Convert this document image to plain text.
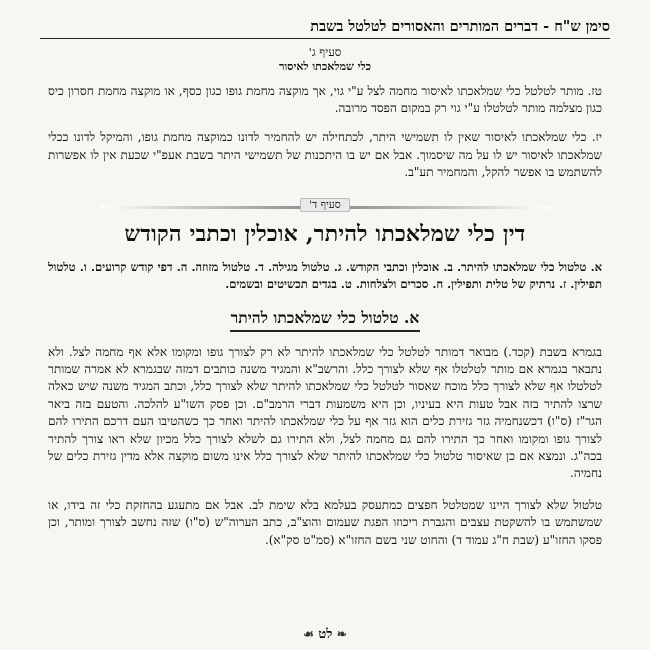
סימן ש"ח - דברים המותרים והאסורים לטלטל בשבת
סעיף ג'
כלי שמלאכתו לאיסור
טז. מותר לטלטל כלי שמלאכתו לאיסור מחמה לצל ע"י גוי, אך מוקצה מחמת גופו כגון כסף, או מוקצה מחמת חסרון כיס כגון מצלמה מותר לטלטלו ע"י גוי רק במקום הפסד מרובה.
יז. כלי שמלאכתו לאיסור שאין לו תשמישי היתר, לכתחילה יש להחמיר לדונו כמוקצה מחמת גופו, והמיקל לדונו ככלי שמלאכתו לאיסור יש לו על מה שיסמוך. אבל אם יש בו היתכנות של תשמישי היתר בשבת אעפ"י שכעת אין לו אפשרות להשתמש בו אפשר להקל, והמחמיר תע"ב.
סעיף ד'
דין כלי שמלאכתו להיתר, אוכלין וכתבי הקודש
א. טלטול כלי שמלאכתו להיתר. ב. אוכלין וכתבי הקודש. ג. טלטול מגילה. ד. טלטול מזוזה. ה. דפי קודש קרועים. ו. טלטול תפילין. ז. נרתיק של טלית ותפילין. ח. סכרים ולצלחות. ט. בגדים תכשיטים ובשמים.
א. טלטול כלי שמלאכתו להיתר
בגמרא בשבת (קכד.) מבואר דמותר לטלטל כלי שמלאכתו להיתר לא רק לצורך גופו ומקומו אלא אף מחמה לצל. ולא נתבאר בגמרא אם מותר לטלטלו אף שלא לצורך כלל. והרשב"א והמגיד משנה כותבים דמזה שבגמרא לא אמרה שמותר לטלטלו אף שלא לצורך כלל מוכח שאסור לטלטל כלי שמלאכתו להיתר שלא לצורך כלל, וכתב המגיד משנה שיש כאלה שרצו להתיר בזה אבל טעות היא בעיניו, וכן היא משמעות דברי הרמב"ם. וכן פסק השו"ע להלכה. והטעם בזה ביאר הגר"ז (ס"ו) דכשנחמיה גזר גזירת כלים הוא גזר אף על כלי שמלאכתו להיתר ואחר כך כשהטיבו העם דרכם התירו להם לצורך גופו ומקומו ואחר כך התירו להם גם מחמה לצל, ולא התירו גם לשלא לצורך כלל מכיון שלא ראו צורך להתיר בכה"ג. ונמצא אם כן שאיסור טלטול כלי שמלאכתו להיתר שלא לצורך כלל אינו משום מוקצה אלא מדין גזירת כלים של נחמיה.
טלטול שלא לצורך היינו שמטלטל חפצים כמתעסק בעלמא בלא שימת לב. אבל אם מתעגע בהחזקת כלי זה בידו, או שמשתמש בו להשקטת עצבים והגברת ריכוזו הפגת שעמום והוצ"ב, כתב הערוה"ש (ס"ו) שזה נחשב לצורך ומותר, וכן פסקו החזו"ע (שבת ח"ג עמוד ד) והחוט שני בשם החזו"א (סמ"ט סק"א).
❧ לט ☙
